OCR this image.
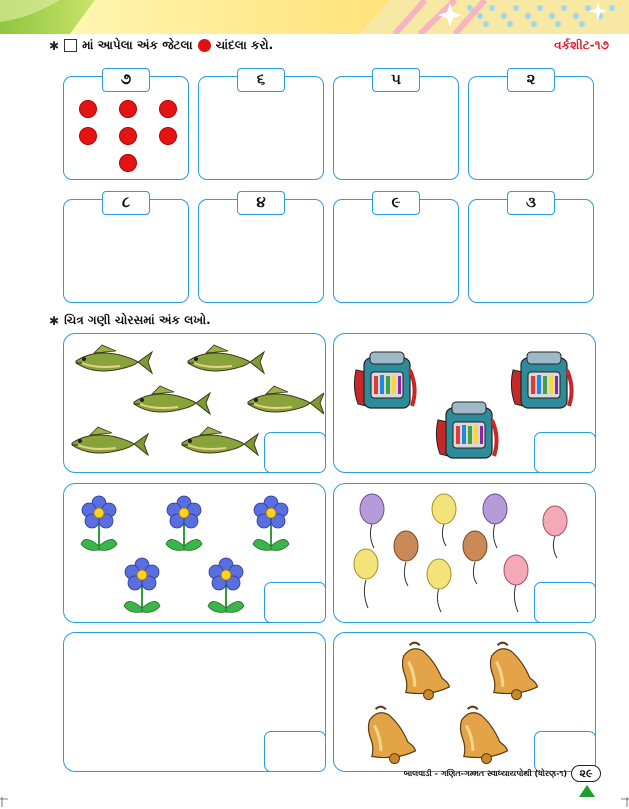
✱ માં આપેલા અંક જેટલા ચાંદલા કરો.	વર્કશીટ-૧૭
૭	૬	૫	૨
૮	૪	૯	૩
✱ ચિત્ર ગણી ચોરસમાં અંક લખો.
બાલવાડી - ગણિત-ગમ્મત સ્વાધ્યાયપોથી (ધોરણ-૧)	૨૯
